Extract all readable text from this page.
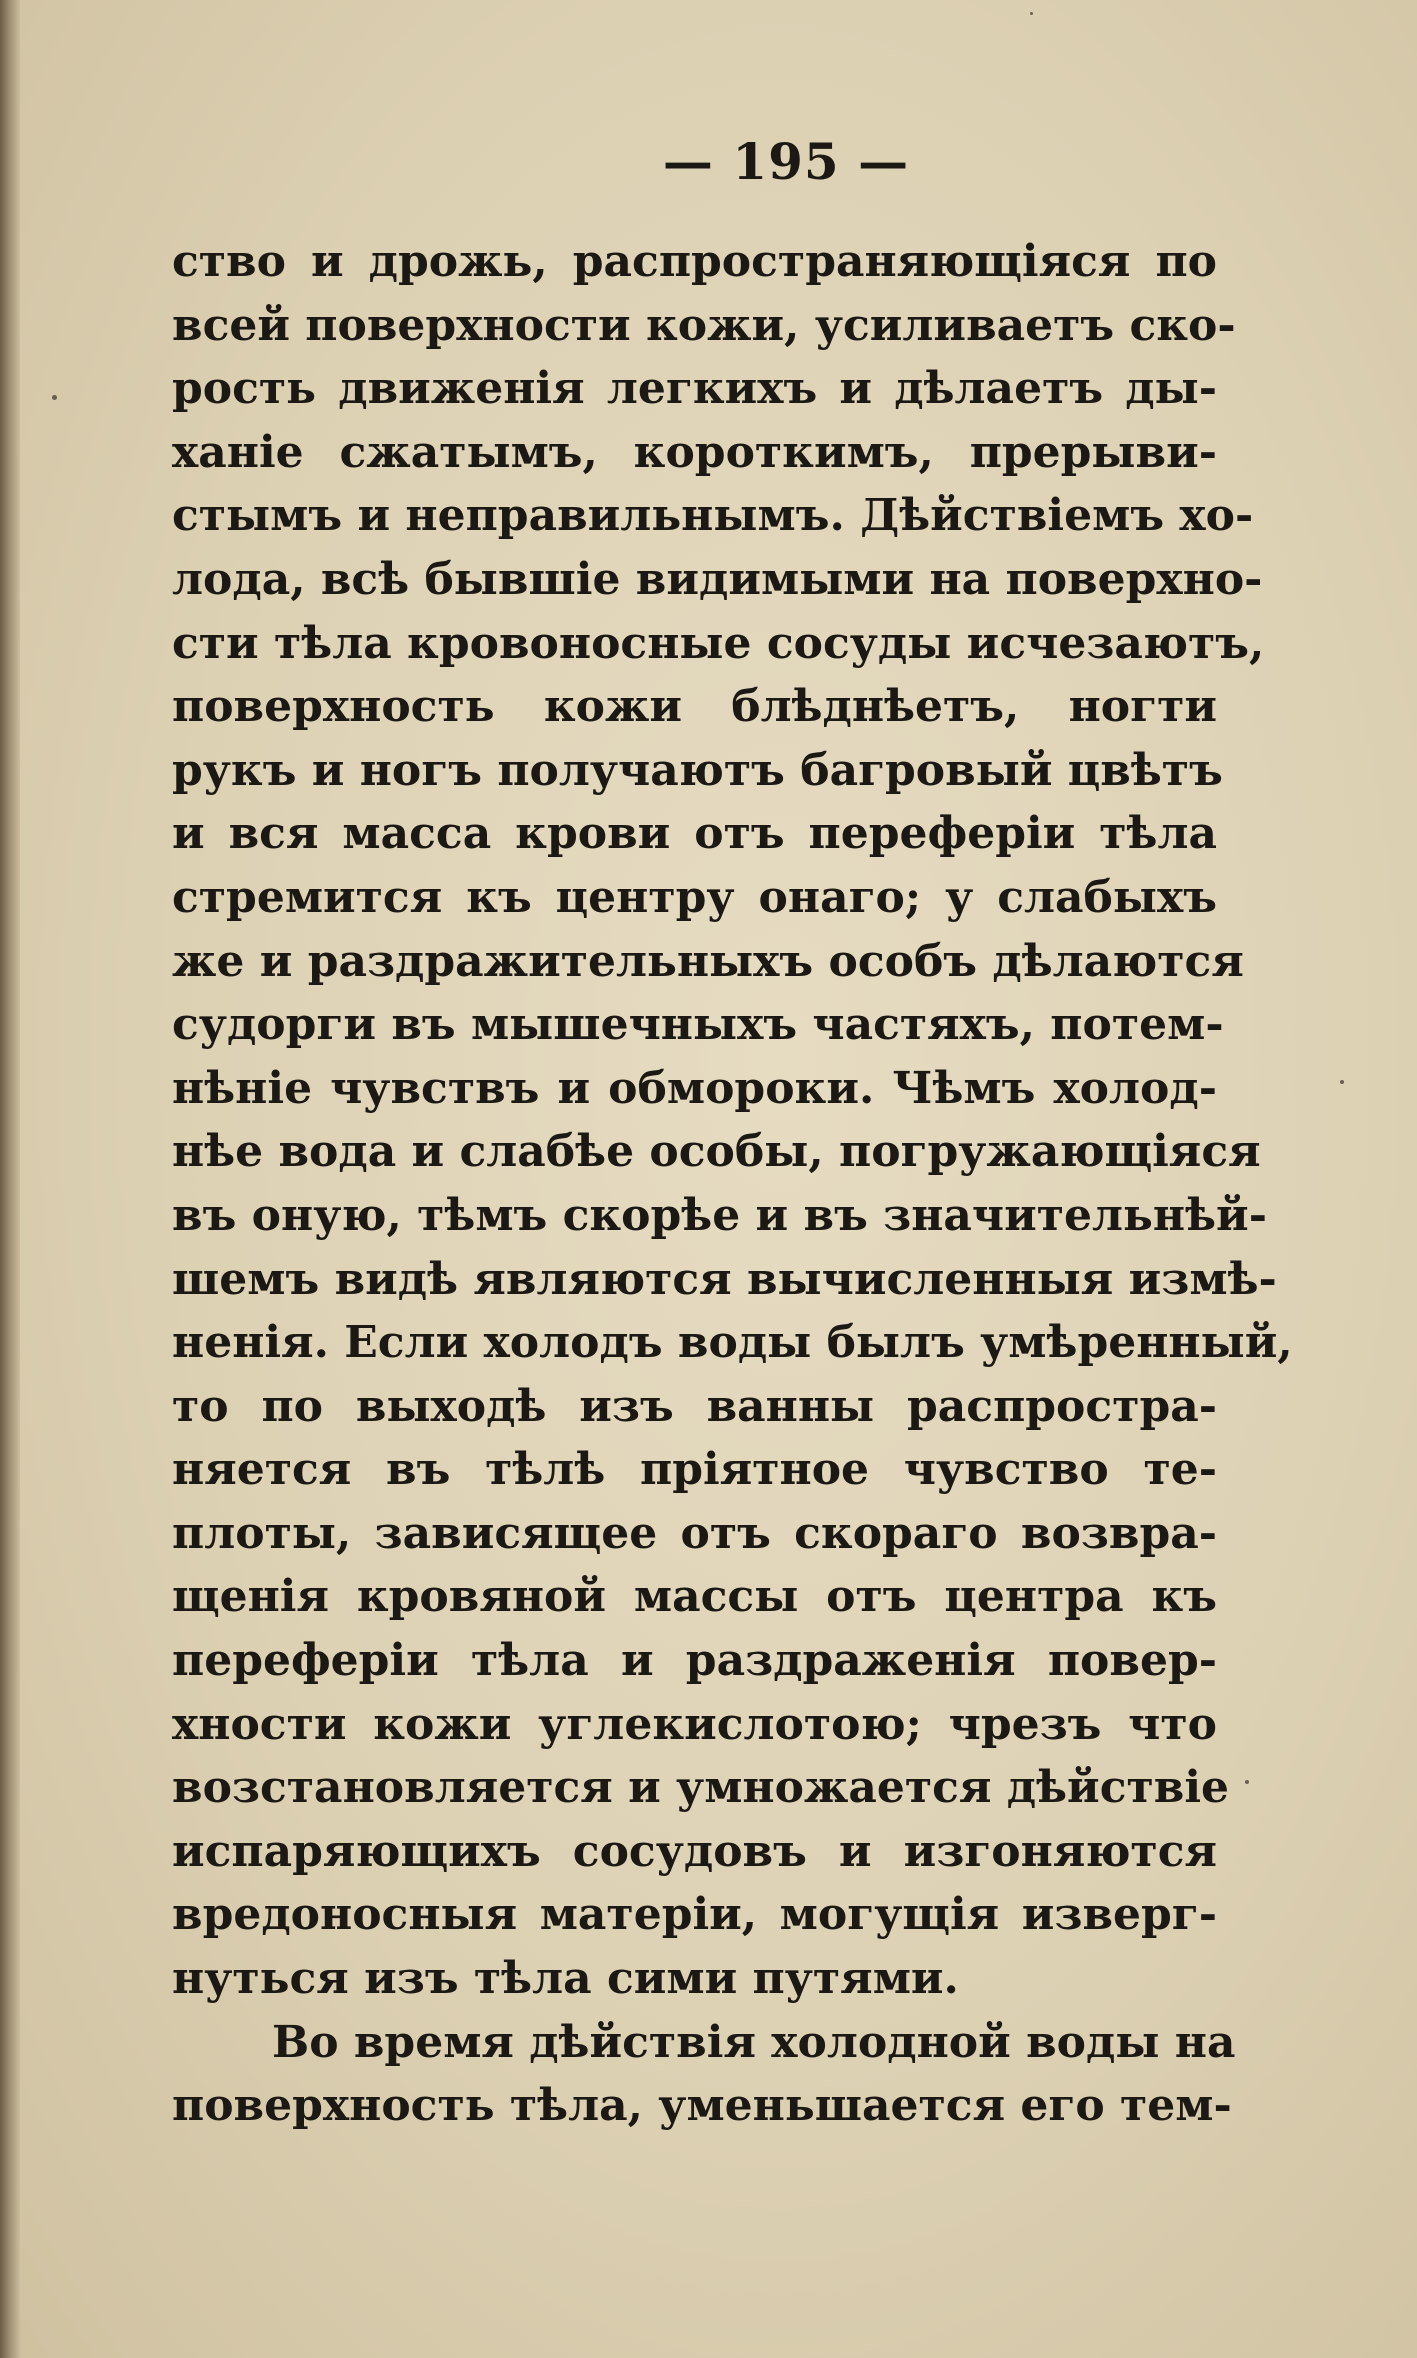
— 195 —
ство и дрожь, распространяющіяся по
всей поверхности кожи, усиливаетъ ско-
рость движенія легкихъ и дѣлаетъ ды-
ханіе сжатымъ, короткимъ, прерыви-
стымъ и неправильнымъ. Дѣйствіемъ хо-
лода, всѣ бывшіе видимыми на поверхно-
сти тѣла кровоносные сосуды исчезаютъ,
поверхность кожи блѣднѣетъ, ногти
рукъ и ногъ получаютъ багровый цвѣтъ
и вся масса крови отъ переферіи тѣла
стремится къ центру онаго; у слабыхъ
же и раздражительныхъ особъ дѣлаются
судорги въ мышечныхъ частяхъ, потем-
нѣніе чувствъ и обмороки. Чѣмъ холод-
нѣе вода и слабѣе особы, погружающіяся
въ оную, тѣмъ скорѣе и въ значительнѣй-
шемъ видѣ являются вычисленныя измѣ-
ненія. Если холодъ воды былъ умѣренный,
то по выходѣ изъ ванны распростра-
няется въ тѣлѣ пріятное чувство те-
плоты, зависящее отъ скораго возвра-
щенія кровяной массы отъ центра къ
переферіи тѣла и раздраженія повер-
хности кожи углекислотою; чрезъ что
возстановляется и умножается дѣйствіе
испаряющихъ сосудовъ и изгоняются
вредоносныя матеріи, могущія изверг-
нуться изъ тѣла сими путями.
Во время дѣйствія холодной воды на
поверхность тѣла, уменьшается его тем-
